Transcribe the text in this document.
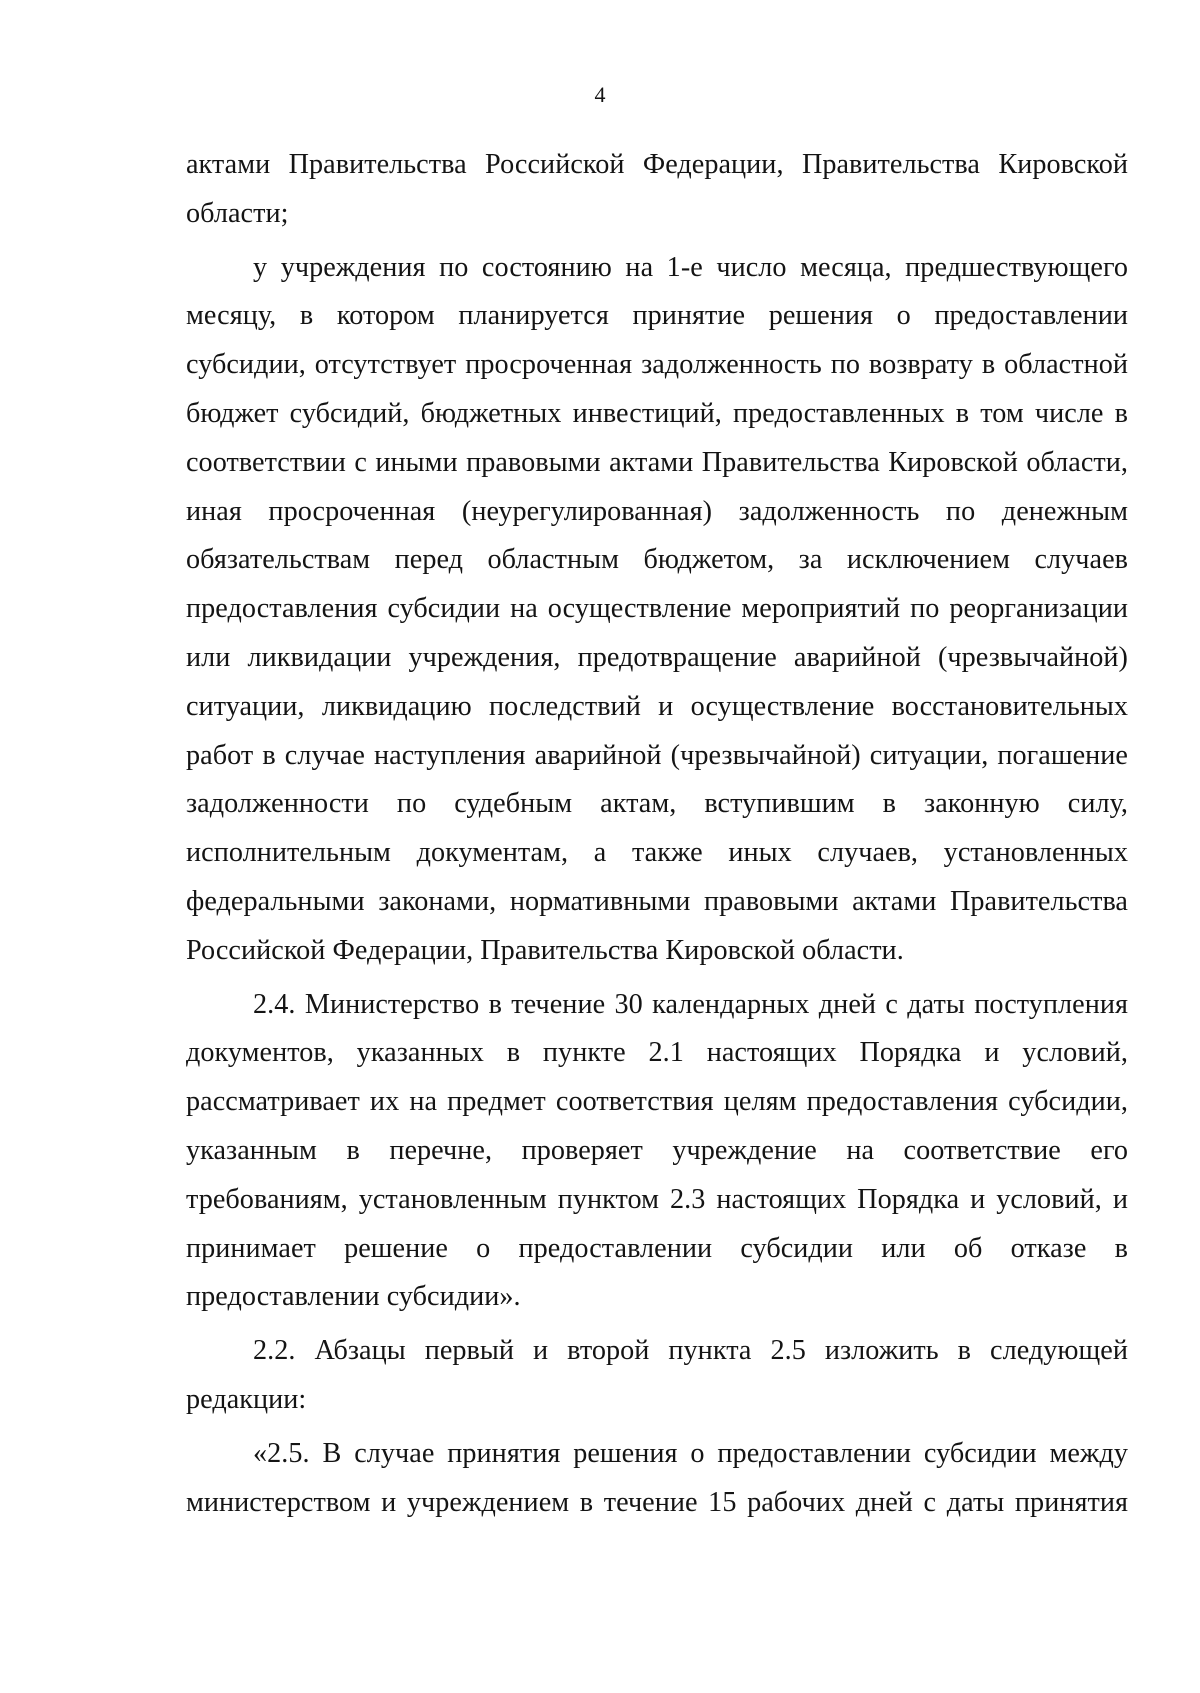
4

актами Правительства Российской Федерации, Правительства Кировской области;

у учреждения по состоянию на 1-е число месяца, предшествующего месяцу, в котором планируется принятие решения о предоставлении субсидии, отсутствует просроченная задолженность по возврату в областной бюджет субсидий, бюджетных инвестиций, предоставленных в том числе в соответствии с иными правовыми актами Правительства Кировской области, иная просроченная (неурегулированная) задолженность по денежным обязательствам перед областным бюджетом, за исключением случаев предоставления субсидии на осуществление мероприятий по реорганизации или ликвидации учреждения, предотвращение аварийной (чрезвычайной) ситуации, ликвидацию последствий и осуществление восстановительных работ в случае наступления аварийной (чрезвычайной) ситуации, погашение задолженности по судебным актам, вступившим в законную силу, исполнительным документам, а также иных случаев, установленных федеральными законами, нормативными правовыми актами Правительства Российской Федерации, Правительства Кировской области.

2.4. Министерство в течение 30 календарных дней с даты поступления документов, указанных в пункте 2.1 настоящих Порядка и условий, рассматривает их на предмет соответствия целям предоставления субсидии, указанным в перечне, проверяет учреждение на соответствие его требованиям, установленным пунктом 2.3 настоящих Порядка и условий, и принимает решение о предоставлении субсидии или об отказе в предоставлении субсидии».

2.2. Абзацы первый и второй пункта 2.5 изложить в следующей редакции:

«2.5. В случае принятия решения о предоставлении субсидии между министерством и учреждением в течение 15 рабочих дней с даты принятия
